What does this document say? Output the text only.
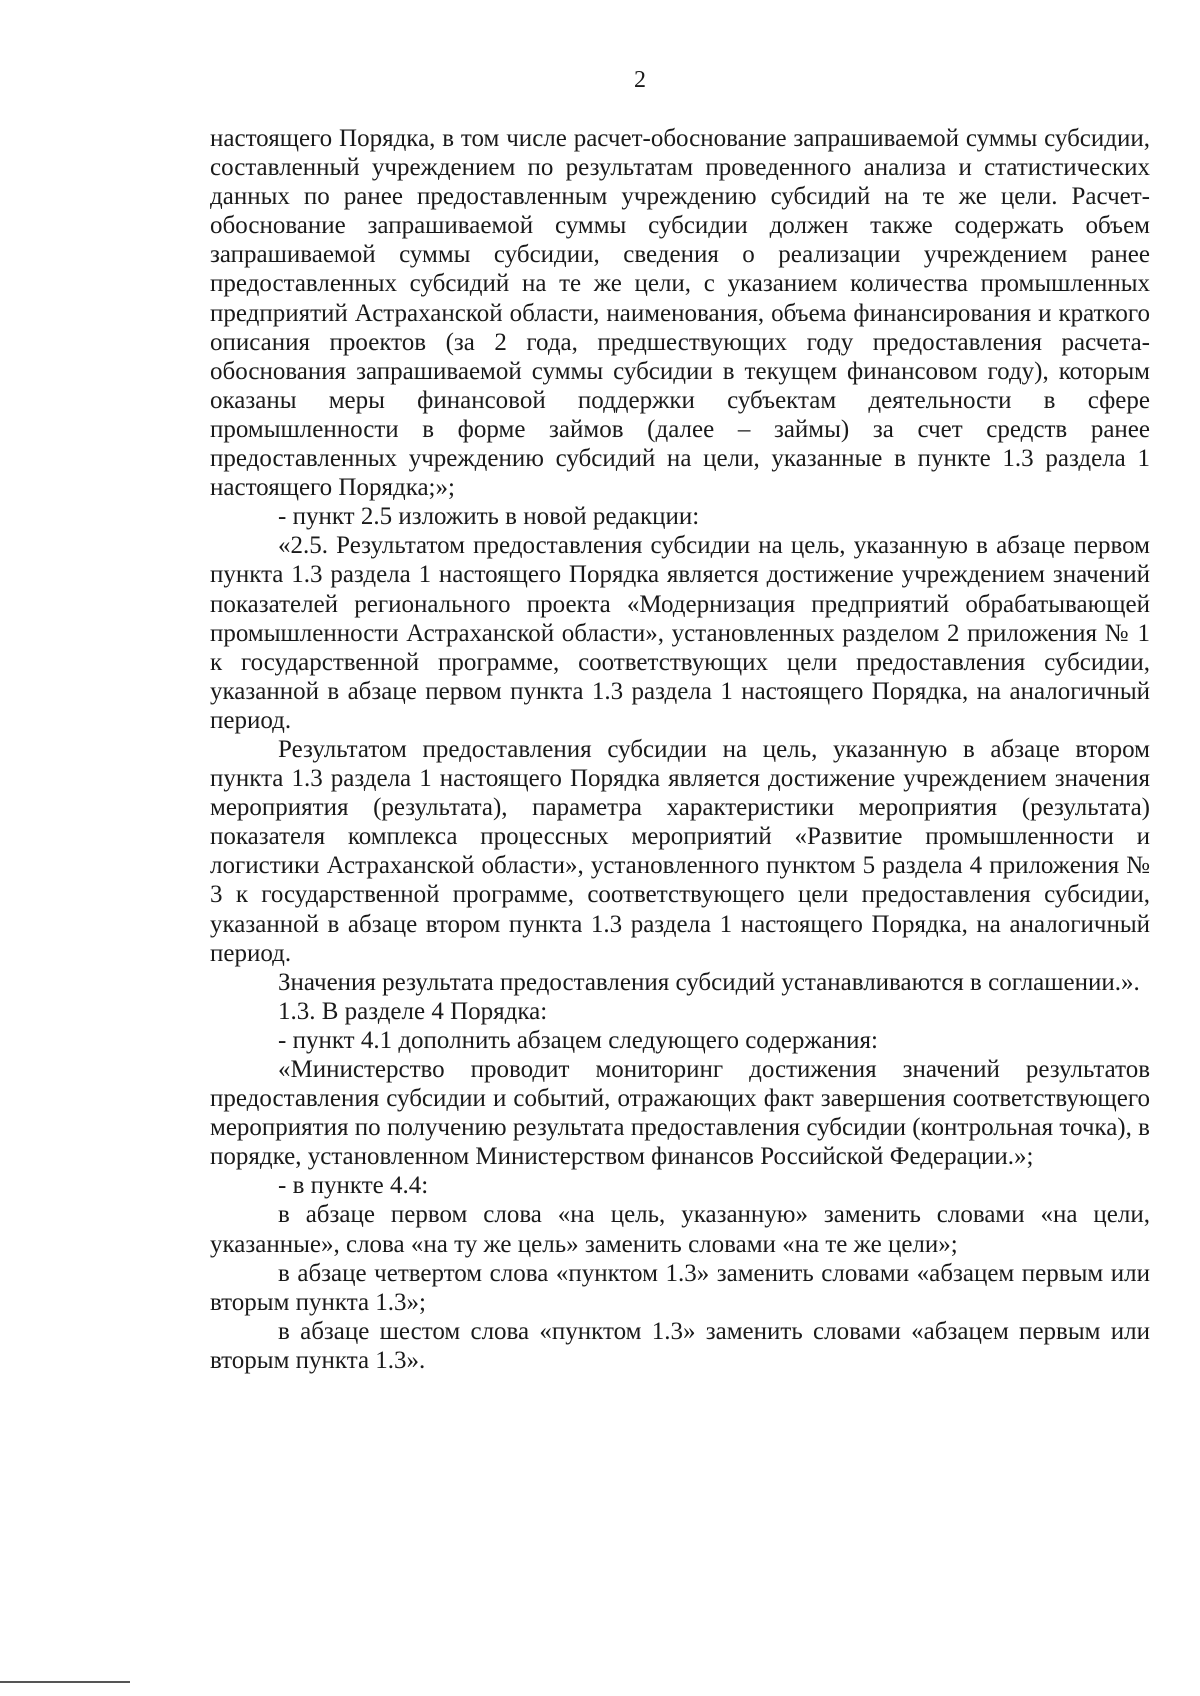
2

настоящего Порядка, в том числе расчет-обоснование запрашиваемой суммы субсидии, составленный учреждением по результатам проведенного анализа и статистических данных по ранее предоставленным учреждению субсидий на те же цели. Расчет-обоснование запрашиваемой суммы субсидии должен также содержать объем запрашиваемой суммы субсидии, сведения о реализации учреждением ранее предоставленных субсидий на те же цели, с указанием количества промышленных предприятий Астраханской области, наименования, объема финансирования и краткого описания проектов (за 2 года, предшествующих году предоставления расчета-обоснования запрашиваемой суммы субсидии в текущем финансовом году), которым оказаны меры финансовой поддержки субъектам деятельности в сфере промышленности в форме займов (далее – займы) за счет средств ранее предоставленных учреждению субсидий на цели, указанные в пункте 1.3 раздела 1 настоящего Порядка;»;

- пункт 2.5 изложить в новой редакции:

«2.5. Результатом предоставления субсидии на цель, указанную в абзаце первом пункта 1.3 раздела 1 настоящего Порядка является достижение учреждением значений показателей регионального проекта «Модернизация предприятий обрабатывающей промышленности Астраханской области», установленных разделом 2 приложения № 1 к государственной программе, соответствующих цели предоставления субсидии, указанной в абзаце первом пункта 1.3 раздела 1 настоящего Порядка, на аналогичный период.

Результатом предоставления субсидии на цель, указанную в абзаце втором пункта 1.3 раздела 1 настоящего Порядка является достижение учреждением значения мероприятия (результата), параметра характеристики мероприятия (результата) показателя комплекса процессных мероприятий «Развитие промышленности и логистики Астраханской области», установленного пунктом 5 раздела 4 приложения № 3 к государственной программе, соответствующего цели предоставления субсидии, указанной в абзаце втором пункта 1.3 раздела 1 настоящего Порядка, на аналогичный период.

Значения результата предоставления субсидий устанавливаются в соглашении.».

1.3. В разделе 4 Порядка:

- пункт 4.1 дополнить абзацем следующего содержания:

«Министерство проводит мониторинг достижения значений результатов предоставления субсидии и событий, отражающих факт завершения соответствующего мероприятия по получению результата предоставления субсидии (контрольная точка), в порядке, установленном Министерством финансов Российской Федерации.»;

- в пункте 4.4:

в абзаце первом слова «на цель, указанную» заменить словами «на цели, указанные», слова «на ту же цель» заменить словами «на те же цели»;

в абзаце четвертом слова «пунктом 1.3» заменить словами «абзацем первым или вторым пункта 1.3»;

в абзаце шестом слова «пунктом 1.3» заменить словами «абзацем первым или вторым пункта 1.3».
